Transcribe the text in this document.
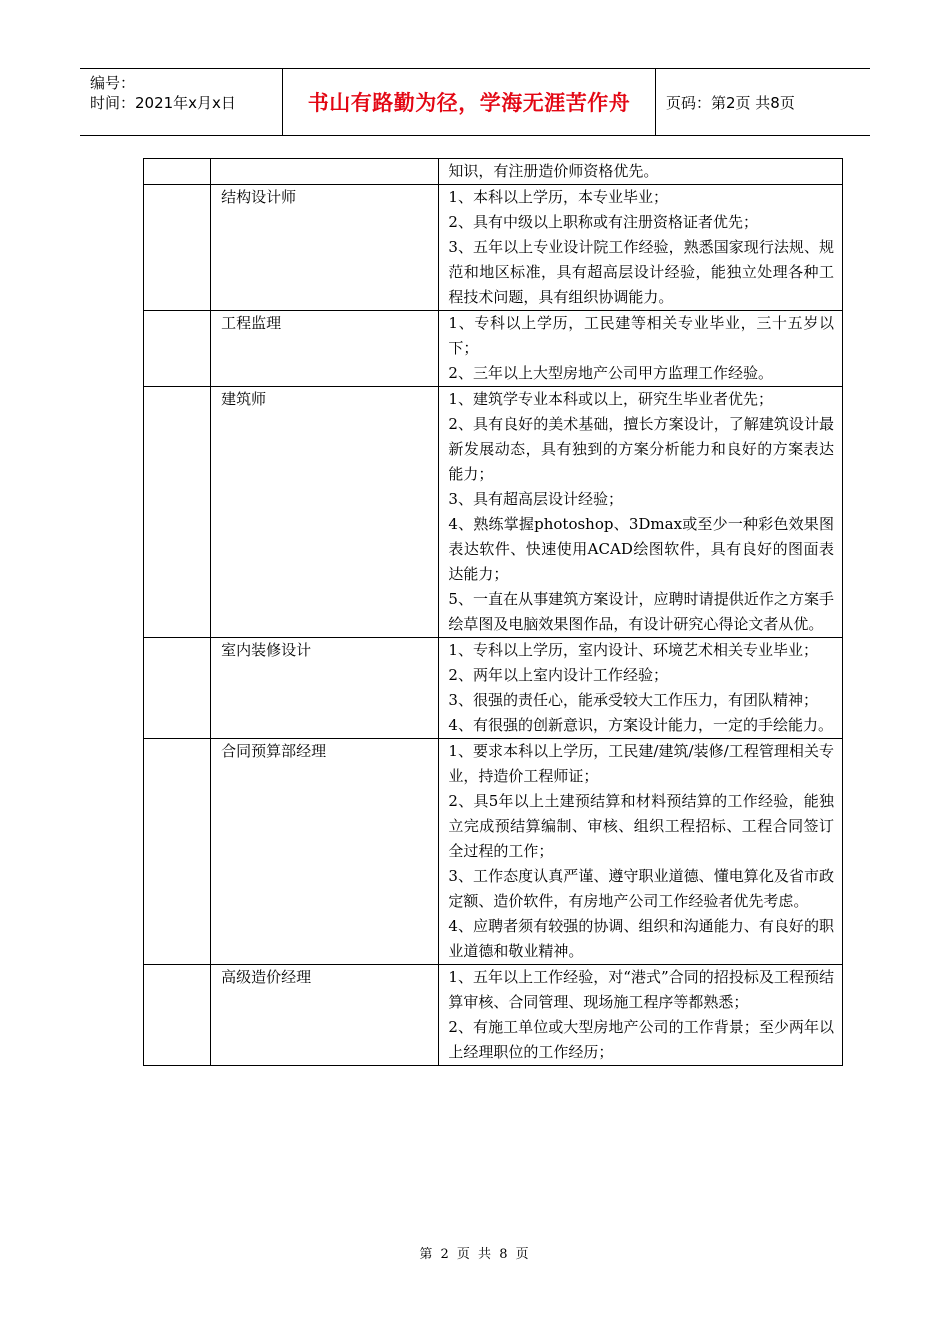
编号：
时间：2021年x月x日	书山有路勤为径，学海无涯苦作舟	页码：第2页 共8页

		知识，有注册造价师资格优先。

	结构设计师	1、本科以上学历，本专业毕业；
2、具有中级以上职称或有注册资格证者优先；
3、五年以上专业设计院工作经验，熟悉国家现行法规、规范和地区标准，具有超高层设计经验，能独立处理各种工程技术问题，具有组织协调能力。

	工程监理	1、专科以上学历，工民建等相关专业毕业，三十五岁以下；
2、三年以上大型房地产公司甲方监理工作经验。

	建筑师	1、建筑学专业本科或以上，研究生毕业者优先；
2、具有良好的美术基础，擅长方案设计，了解建筑设计最新发展动态，具有独到的方案分析能力和良好的方案表达能力；
3、具有超高层设计经验；
4、熟练掌握photoshop、3Dmax或至少一种彩色效果图表达软件、快速使用ACAD绘图软件，具有良好的图面表达能力；
5、一直在从事建筑方案设计，应聘时请提供近作之方案手绘草图及电脑效果图作品，有设计研究心得论文者从优。

	室内装修设计	1、专科以上学历，室内设计、环境艺术相关专业毕业；
2、两年以上室内设计工作经验；
3、很强的责任心，能承受较大工作压力，有团队精神；
4、有很强的创新意识，方案设计能力，一定的手绘能力。

	合同预算部经理	1、要求本科以上学历，工民建/建筑/装修/工程管理相关专业，持造价工程师证；
2、具5年以上土建预结算和材料预结算的工作经验，能独立完成预结算编制、审核、组织工程招标、工程合同签订全过程的工作；
3、工作态度认真严谨、遵守职业道德、懂电算化及省市政定额、造价软件，有房地产公司工作经验者优先考虑。
4、应聘者须有较强的协调、组织和沟通能力、有良好的职业道德和敬业精神。

	高级造价经理	1、五年以上工作经验，对“港式”合同的招投标及工程预结算审核、合同管理、现场施工程序等都熟悉；
2、有施工单位或大型房地产公司的工作背景；至少两年以上经理职位的工作经历；
第 2 页 共 8 页
